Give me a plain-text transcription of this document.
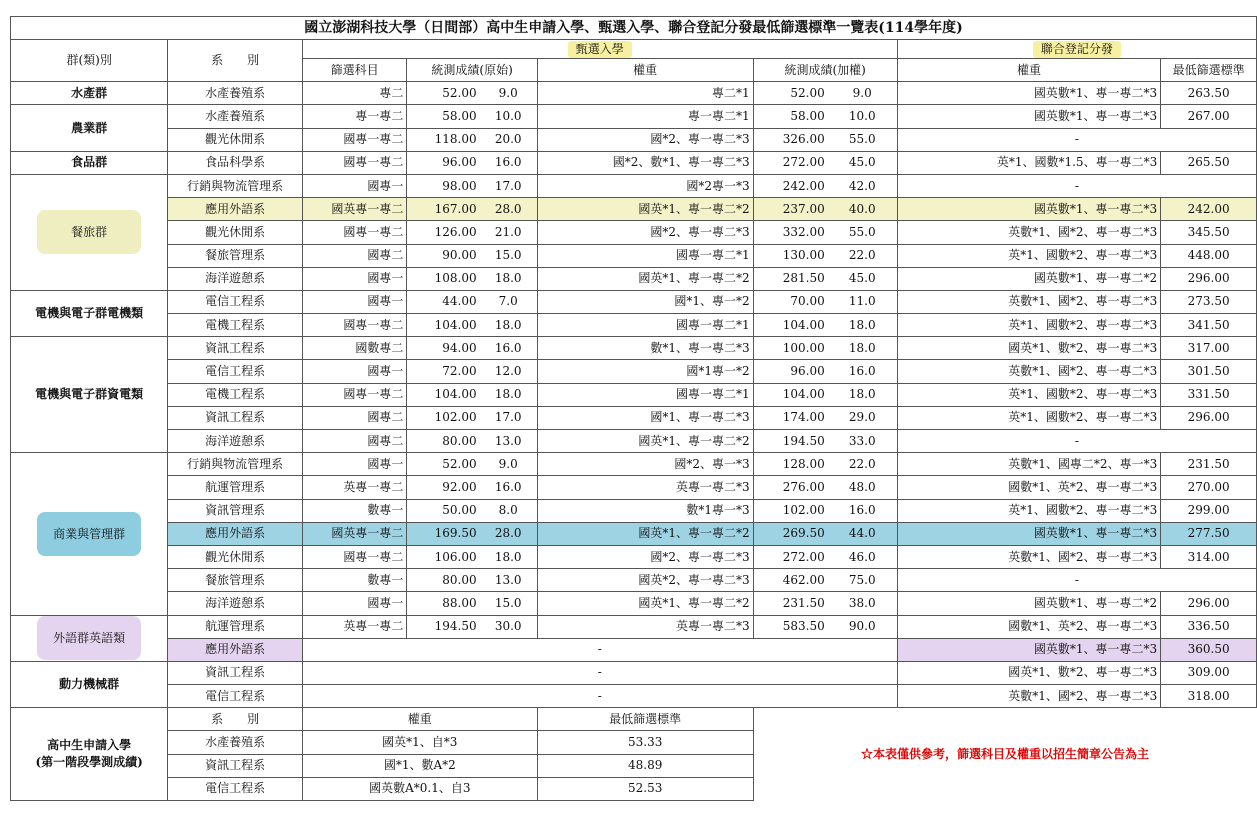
國立澎湖科技大學（日間部）高中生申請入學、甄選入學、聯合登記分發最低篩選標準一覽表(114學年度)									
群(類)別	系　　別	甄選入學						聯合登記分發	
		篩選科目	統測成績(原始)		權重	統測成績(加權)		權重	最低篩選標準
水產群	水產養殖系	專二	52.00	9.0	專二*1	52.00	9.0	國英數*1、專一專二*3	263.50
農業群	水產養殖系	專一專二	58.00	10.0	專一專二*1	58.00	10.0	國英數*1、專一專二*3	267.00
	觀光休閒系	國專一專二	118.00	20.0	國*2、專一專二*3	326.00	55.0	-	
食品群	食品科學系	國專一專二	96.00	16.0	國*2、數*1、專一專二*3	272.00	45.0	英*1、國數*1.5、專一專二*3	265.50
餐旅群	行銷與物流管理系	國專一	98.00	17.0	國*2專一*3	242.00	42.0	-	
	應用外語系	國英專一專二	167.00	28.0	國英*1、專一專二*2	237.00	40.0	國英數*1、專一專二*3	242.00
	觀光休閒系	國專一專二	126.00	21.0	國*2、專一專二*3	332.00	55.0	英數*1、國*2、專一專二*3	345.50
	餐旅管理系	國專二	90.00	15.0	國專一專二*1	130.00	22.0	英*1、國數*2、專一專二*3	448.00
	海洋遊憩系	國專一	108.00	18.0	國英*1、專一專二*2	281.50	45.0	國英數*1、專一專二*2	296.00
電機與電子群電機類	電信工程系	國專一	44.00	7.0	國*1、專一*2	70.00	11.0	英數*1、國*2、專一專二*3	273.50
	電機工程系	國專一專二	104.00	18.0	國專一專二*1	104.00	18.0	英*1、國數*2、專一專二*3	341.50
電機與電子群資電類	資訊工程系	國數專二	94.00	16.0	數*1、專一專二*3	100.00	18.0	國英*1、數*2、專一專二*3	317.00
	電信工程系	國專一	72.00	12.0	國*1專一*2	96.00	16.0	英數*1、國*2、專一專二*3	301.50
	電機工程系	國專一專二	104.00	18.0	國專一專二*1	104.00	18.0	英*1、國數*2、專一專二*3	331.50
	資訊工程系	國專二	102.00	17.0	國*1、專一專二*3	174.00	29.0	英*1、國數*2、專一專二*3	296.00
	海洋遊憩系	國專二	80.00	13.0	國英*1、專一專二*2	194.50	33.0	-	
商業與管理群	行銷與物流管理系	國專一	52.00	9.0	國*2、專一*3	128.00	22.0	英數*1、國專二*2、專一*3	231.50
	航運管理系	英專一專二	92.00	16.0	英專一專二*3	276.00	48.0	國數*1、英*2、專一專二*3	270.00
	資訊管理系	數專一	50.00	8.0	數*1專一*3	102.00	16.0	英*1、國數*2、專一專二*3	299.00
	應用外語系	國英專一專二	169.50	28.0	國英*1、專一專二*2	269.50	44.0	國英數*1、專一專二*3	277.50
	觀光休閒系	國專一專二	106.00	18.0	國*2、專一專二*3	272.00	46.0	英數*1、國*2、專一專二*3	314.00
	餐旅管理系	數專一	80.00	13.0	國英*2、專一專二*3	462.00	75.0	-	
	海洋遊憩系	國專一	88.00	15.0	國英*1、專一專二*2	231.50	38.0	國英數*1、專一專二*2	296.00
外語群英語類	航運管理系	英專一專二	194.50	30.0	英專一專二*3	583.50	90.0	國數*1、英*2、專一專二*3	336.50
	應用外語系	-						國英數*1、專一專二*3	360.50
動力機械群	資訊工程系	-						國英*1、數*2、專一專二*3	309.00
	電信工程系	-						英數*1、國*2、專一專二*3	318.00

高中生申請入學
(第一階段學測成績)	系　　別	權重			最低篩選標準	☆本表僅供參考，篩選科目及權重以招生簡章公告為主			
	水產養殖系	國英*1、自*3			53.33				
	資訊工程系	國*1、數A*2			48.89				
	電信工程系	國英數A*0.1、自3			52.53				
